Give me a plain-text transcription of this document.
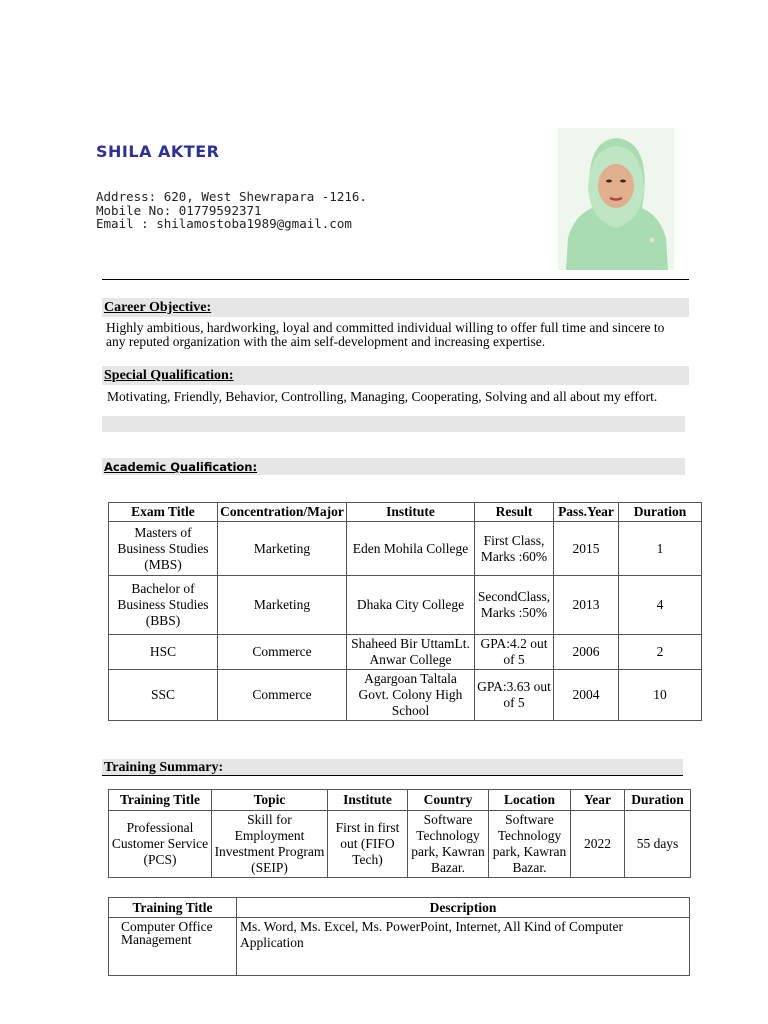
SHILA AKTER
Address: 620, West Shewrapara -1216.
Mobile No: 01779592371
Email : shilamostoba1989@gmail.com
Career Objective:
Highly ambitious, hardworking, loyal and committed individual willing to offer full time and sincere to
any reputed organization with the aim self-development and increasing expertise.
Special Qualification:
Motivating, Friendly, Behavior, Controlling, Managing, Cooperating, Solving and all about my effort.
Academic Qualification:
Exam Title	Concentration/Major	Institute	Result	Pass.Year	Duration
Masters of Business Studies (MBS)	Marketing	Eden Mohila College	First Class, Marks :60%	2015	1
Bachelor of Business Studies (BBS)	Marketing	Dhaka City College	SecondClass, Marks :50%	2013	4
HSC	Commerce	Shaheed Bir UttamLt. Anwar College	GPA:4.2 out of 5	2006	2
SSC	Commerce	Agargoan Taltala Govt. Colony High School	GPA:3.63 out of 5	2004	10
Training Summary:
Training Title	Topic	Institute	Country	Location	Year	Duration
Professional Customer Service (PCS)	Skill for Employment Investment Program (SEIP)	First in first out (FIFO Tech)	Software Technology park, Kawran Bazar.	Software Technology park, Kawran Bazar.	2022	55 days
Training Title	Description
Computer Office Management	Ms. Word, Ms. Excel, Ms. PowerPoint, Internet, All Kind of Computer Application
